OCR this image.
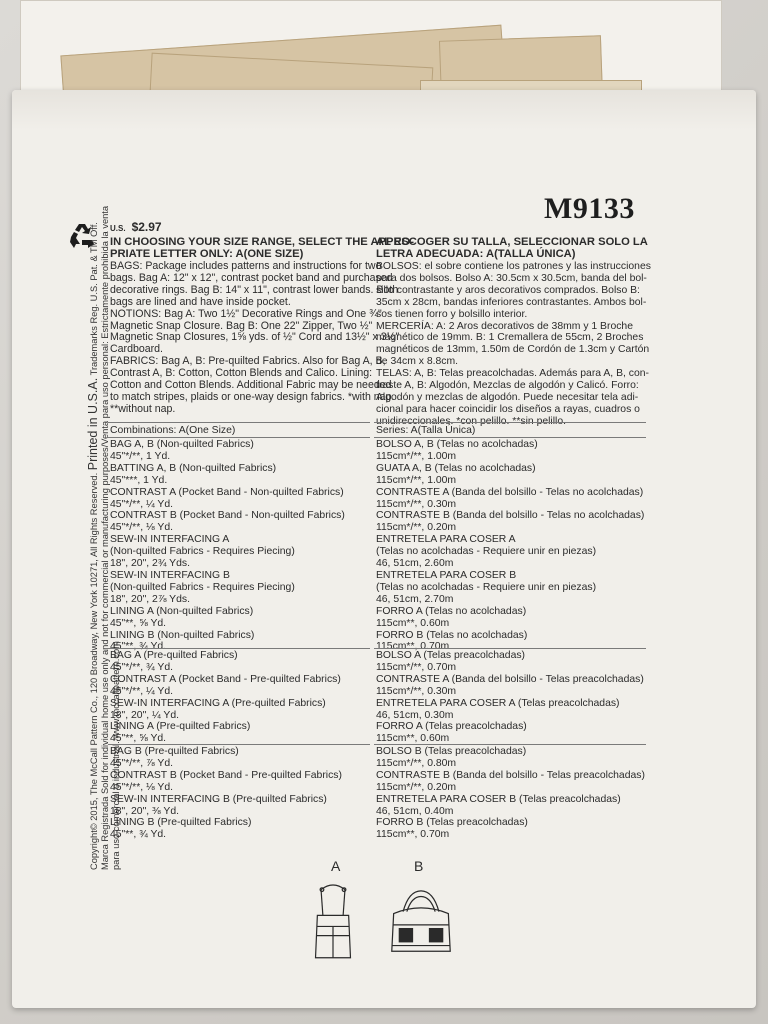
M9133
U.S. $2.97
Copyright© 2015, The McCall Pattern Co., 120 Broadway, New York 10271, All Rights Reserved. Printed in U.S.A. Trademarks Reg. U.S. Pat. & TM Off. Marca Registrada Sold for individual home use only and not for commercial or manufacturing purposes/Venta para uso personal: Estrictamente prohibida la venta para uso comercial o industrial. www.mccallpattern.com
IN CHOOSING YOUR SIZE RANGE, SELECT THE APPRO-
PRIATE LETTER ONLY: A(ONE SIZE)
BAGS: Package includes patterns and instructions for two
bags. Bag A: 12" x 12", contrast pocket band and purchased
decorative rings. Bag B: 14" x 11", contrast lower bands. Both
bags are lined and have inside pocket.
NOTIONS: Bag A: Two 1½" Decorative Rings and One ¾"
Magnetic Snap Closure. Bag B: One 22" Zipper, Two ½"
Magnetic Snap Closures, 1⅝ yds. of ½" Cord and 13½" x 3½"
Cardboard.
FABRICS: Bag A, B: Pre-quilted Fabrics. Also for Bag A, B,
Contrast A, B: Cotton, Cotton Blends and Calico. Lining:
Cotton and Cotton Blends. Additional Fabric may be needed
to match stripes, plaids or one-way design fabrics. *with nap.
**without nap.
Combinations: A(One Size)
BAG A, B (Non-quilted Fabrics)
45"*/**, 1 Yd.
BATTING A, B (Non-quilted Fabrics)
45"***, 1 Yd.
CONTRAST A (Pocket Band - Non-quilted Fabrics)
45"*/**, ¼ Yd.
CONTRAST B (Pocket Band - Non-quilted Fabrics)
45"*/**, ⅛ Yd.
SEW-IN INTERFACING A
(Non-quilted Fabrics - Requires Piecing)
18", 20", 2¾ Yds.
SEW-IN INTERFACING B
(Non-quilted Fabrics - Requires Piecing)
18", 20", 2⅞ Yds.
LINING A (Non-quilted Fabrics)
45"**, ⅝ Yd.
LINING B (Non-quilted Fabrics)
45"**, ¾ Yd.
BAG A (Pre-quilted Fabrics)
45"*/**, ¾ Yd.
CONTRAST A (Pocket Band - Pre-quilted Fabrics)
45"*/**, ¼ Yd.
SEW-IN INTERFACING A (Pre-quilted Fabrics)
18", 20", ¼ Yd.
LINING A (Pre-quilted Fabrics)
45"**, ⅝ Yd.
BAG B (Pre-quilted Fabrics)
45"*/**, ⅞ Yd.
CONTRAST B (Pocket Band - Pre-quilted Fabrics)
45"*/**, ⅛ Yd.
SEW-IN INTERFACING B (Pre-quilted Fabrics)
18", 20", ⅜ Yd.
LINING B (Pre-quilted Fabrics)
45"**, ¾ Yd.
AL ESCOGER SU TALLA, SELECCIONAR SOLO LA
LETRA ADECUADA: A(TALLA ÚNICA)
BOLSOS: el sobre contiene los patrones y las instrucciones
para dos bolsos. Bolso A: 30.5cm x 30.5cm, banda del bol-
sillo contrastante y aros decorativos comprados. Bolso B:
35cm x 28cm, bandas inferiores contrastantes. Ambos bol-
sos tienen forro y bolsillo interior.
MERCERÍA: A: 2 Aros decorativos de 38mm y 1 Broche
magnético de 19mm. B: 1 Cremallera de 55cm, 2 Broches
magnéticos de 13mm, 1.50m de Cordón de 1.3cm y Cartón
de 34cm x 8.8cm.
TELAS: A, B: Telas preacolchadas. Además para A, B, con-
traste A, B: Algodón, Mezclas de algodón y Calicó. Forro:
Algodón y mezclas de algodón. Puede necesitar tela adi-
cional para hacer coincidir los diseños a rayas, cuadros o
unidireccionales. *con pelillo. **sin pelillo.
Series: A(Talla Única)
BOLSO A, B (Telas no acolchadas)
115cm*/**, 1.00m
GUATA A, B (Telas no acolchadas)
115cm*/**, 1.00m
CONTRASTE A (Banda del bolsillo - Telas no acolchadas)
115cm*/**, 0.30m
CONTRASTE B (Banda del bolsillo - Telas no acolchadas)
115cm*/**, 0.20m
ENTRETELA PARA COSER A
(Telas no acolchadas - Requiere unir en piezas)
46, 51cm, 2.60m
ENTRETELA PARA COSER B
(Telas no acolchadas - Requiere unir en piezas)
46, 51cm, 2.70m
FORRO A (Telas no acolchadas)
115cm**, 0.60m
FORRO B (Telas no acolchadas)
115cm**, 0.70m
BOLSO A (Telas preacolchadas)
115cm*/**, 0.70m
CONTRASTE A (Banda del bolsillo - Telas preacolchadas)
115cm*/**, 0.30m
ENTRETELA PARA COSER A (Telas preacolchadas)
46, 51cm, 0.30m
FORRO A (Telas preacolchadas)
115cm**, 0.60m
BOLSO B (Telas preacolchadas)
115cm*/**, 0.80m
CONTRASTE B (Banda del bolsillo - Telas preacolchadas)
115cm*/**, 0.20m
ENTRETELA PARA COSER B (Telas preacolchadas)
46, 51cm, 0.40m
FORRO B (Telas preacolchadas)
115cm**, 0.70m
A	B
